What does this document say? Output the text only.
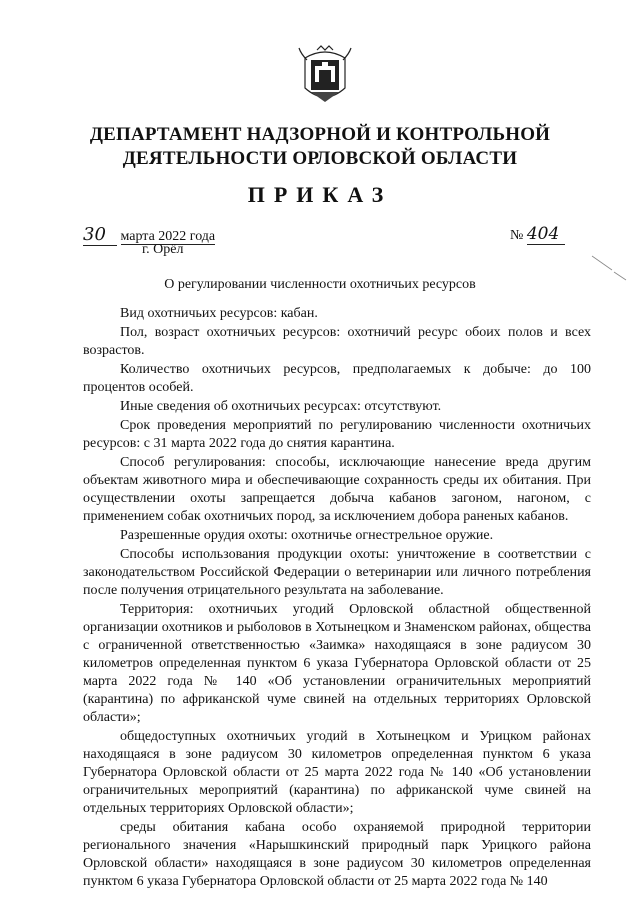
ДЕПАРТАМЕНТ НАДЗОРНОЙ И КОНТРОЛЬНОЙ
ДЕЯТЕЛЬНОСТИ ОРЛОВСКОЙ ОБЛАСТИ
ПРИКАЗ
30 марта 2022 года
г. Орёл
№ 404
О регулировании численности охотничьих ресурсов

Вид охотничьих ресурсов: кабан.

Пол, возраст охотничьих ресурсов: охотничий ресурс обоих полов и всех возрастов.

Количество охотничьих ресурсов, предполагаемых к добыче: до 100 процентов особей.

Иные сведения об охотничьих ресурсах: отсутствуют.

Срок проведения мероприятий по регулированию численности охотничьих ресурсов: с 31 марта 2022 года до снятия карантина.

Способ регулирования: способы, исключающие нанесение вреда другим объектам животного мира и обеспечивающие сохранность среды их обитания. При осуществлении охоты запрещается добыча кабанов загоном, нагоном, с применением собак охотничьих пород, за исключением добора раненых кабанов.

Разрешенные орудия охоты: охотничье огнестрельное оружие.

Способы использования продукции охоты: уничтожение в соответствии с законодательством Российской Федерации о ветеринарии или личного потребления после получения отрицательного результата на заболевание.

Территория: охотничьих угодий Орловской областной общественной организации охотников и рыболовов в Хотынецком и Знаменском районах, общества с ограниченной ответственностью «Заимка» находящаяся в зоне радиусом 30 километров определенная пунктом 6 указа Губернатора Орловской области от 25 марта 2022 года № 140 «Об установлении ограничительных мероприятий (карантина) по африканской чуме свиней на отдельных территориях Орловской области»;

общедоступных охотничьих угодий в Хотынецком и Урицком районах находящаяся в зоне радиусом 30 километров определенная пунктом 6 указа Губернатора Орловской области от 25 марта 2022 года № 140 «Об установлении ограничительных мероприятий (карантина) по африканской чуме свиней на отдельных территориях Орловской области»;

среды обитания кабана особо охраняемой природной территории регионального значения «Нарышкинский природный парк Урицкого района Орловской области» находящаяся в зоне радиусом 30 километров определенная пунктом 6 указа Губернатора Орловской области от 25 марта 2022 года № 140
